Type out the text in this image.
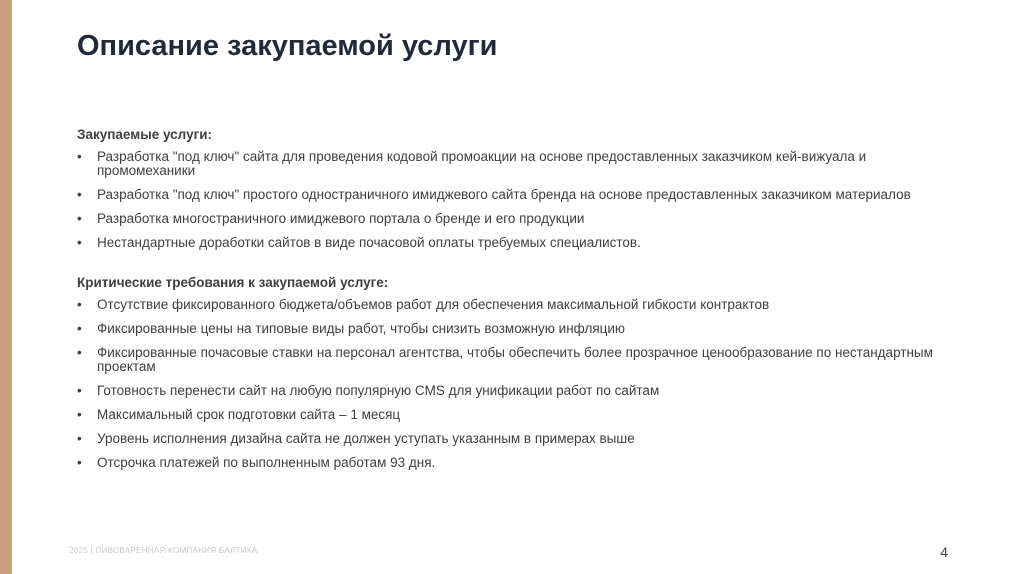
Описание закупаемой услуги
Закупаемые услуги:
• Разработка "под ключ" сайта для проведения кодовой промоакции на основе предоставленных заказчиком кей-вижуала и промомеханики
• Разработка "под ключ" простого одностраничного имиджевого сайта бренда на основе предоставленных заказчиком материалов
• Разработка многостраничного имиджевого портала о бренде и его продукции
• Нестандартные доработки сайтов в виде почасовой оплаты требуемых специалистов.
Критические требования к закупаемой услуге:
• Отсутствие фиксированного бюджета/объемов работ для обеспечения максимальной гибкости контрактов
• Фиксированные цены на типовые виды работ, чтобы снизить возможную инфляцию
• Фиксированные почасовые ставки на персонал агентства, чтобы обеспечить более прозрачное ценообразование по нестандартным проектам
• Готовность перенести сайт на любую популярную CMS для унификации работ по сайтам
• Максимальный срок подготовки сайта – 1 месяц
• Уровень исполнения дизайна сайта не должен уступать указанным в примерах выше
• Отсрочка платежей по выполненным работам 93 дня.
2025 | ПИВОВАРЕННАЯ КОМПАНИЯ БАЛТИКА	4
